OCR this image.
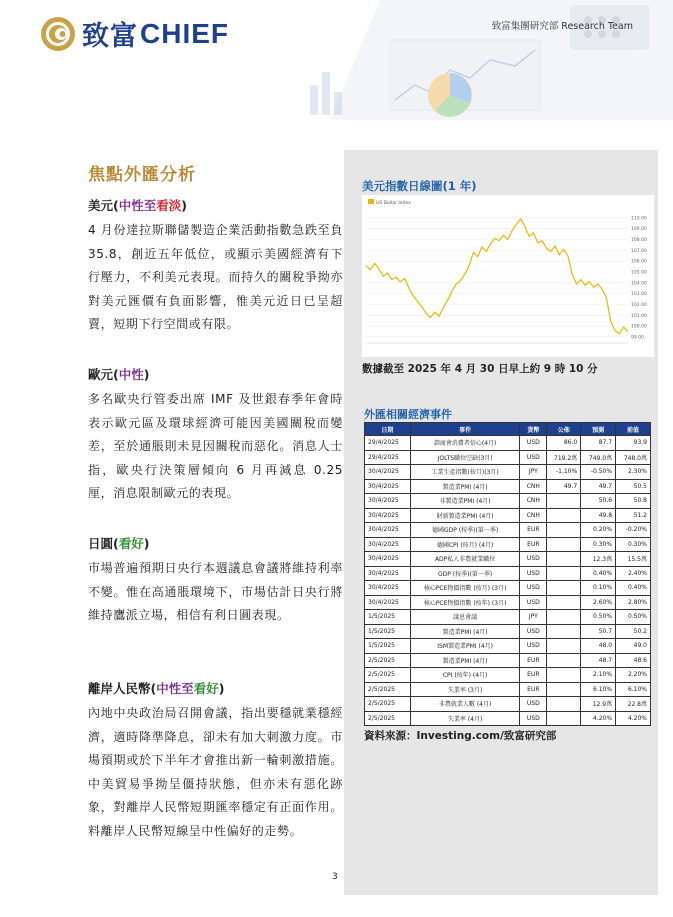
致富 CHIEF	致富集團研究部 Research Team
焦點外匯分析
美元(中性至看淡)
4 月份達拉斯聯儲製造企業活動指數急跌至負 35.8，創近五年低位，或顯示美國經濟有下行壓力，不利美元表現。而持久的關稅爭拗亦對美元匯價有負面影響，惟美元近日已呈超賣，短期下行空間或有限。
歐元(中性)
多名歐央行管委出席 IMF 及世銀春季年會時表示歐元區及環球經濟可能因美國關稅而變差，至於通脹則未見因關稅而惡化。消息人士指，歐央行決策層傾向 6 月再減息 0.25 厘，消息限制歐元的表現。
日圓(看好)
市場普遍預期日央行本週議息會議將維持利率不變。惟在高通脹環境下，市場估計日央行將維持鷹派立場，相信有利日圓表現。
離岸人民幣(中性至看好)
內地中央政治局召開會議，指出要穩就業穩經濟，適時降準降息，卻未有加大刺激力度。市場預期或於下半年才會推出新一輪刺激措施。中美貿易爭拗呈僵持狀態，但亦未有惡化跡象，對離岸人民幣短期匯率穩定有正面作用。料離岸人民幣短線呈中性偏好的走勢。
美元指數日線圖(1 年)
110.00
109.00
108.00
107.00
106.00
105.00
104.00
103.00
102.00
101.00
100.00
99.00
US Dollar Index
數據截至 2025 年 4 月 30 日早上約 9 時 10 分
外匯相關經濟事件
日期	事件	貨幣	公佈	預測	前值
29/4/2025	諮商會消費者信心(4月)	USD	86.0	87.7	93.9
29/4/2025	JOLTS職位空缺(3月)	USD	719.2萬	749.0萬	748.0萬
30/4/2025	工業生產指數(按月)(3月)	JPY	-1.10%	-0.50%	2.30%
30/4/2025	製造業PMI (4月)	CNH	49.7	49.7	50.5
30/4/2025	非製造業PMI (4月)	CNH		50.6	50.8
30/4/2025	財新製造業PMI (4月)	CNH		49.8	51.2
30/4/2025	德國GDP (按季)(第一季)	EUR		0.20%	-0.20%
30/4/2025	德國CPI (按月) (4月)	EUR		0.30%	0.30%
30/4/2025	ADP私人非農就業職位	USD		12.3萬	15.5萬
30/4/2025	GDP (按季)(第一季)	USD		0.40%	2.40%
30/4/2025	核心PCE物價指數 (按月) (3月)	USD		0.10%	0.40%
30/4/2025	核心PCE物價指數 (按年) (3月)	USD		2.60%	2.80%
1/5/2025	議息會議	JPY		0.50%	0.50%
1/5/2025	製造業PMI (4月)	USD		50.7	50.2
1/5/2025	ISM製造業PMI (4月)	USD		48.0	49.0
2/5/2025	製造業PMI (4月)	EUR		48.7	48.6
2/5/2025	CPI (按年) (4月)	EUR		2.10%	2.20%
2/5/2025	失業率 (3月)	EUR		6.10%	6.10%
2/5/2025	非農就業人數 (4月)	USD		12.9萬	22.8萬
2/5/2025	失業率 (4月)	USD		4.20%	4.20%
資料來源：Investing.com/致富研究部
3
